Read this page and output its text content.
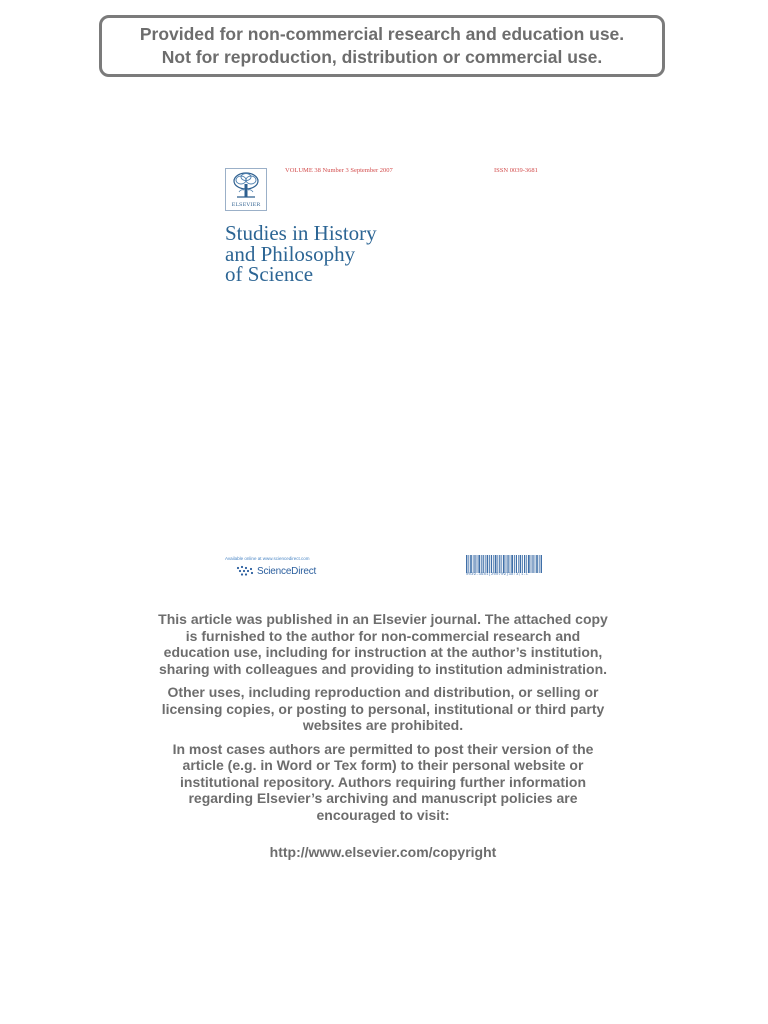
Provided for non-commercial research and education use.
Not for reproduction, distribution or commercial use.
ELSEVIER
VOLUME 38 Number 3 September 2007	ISSN 0039-3681
Studies in History
and Philosophy
of Science
Available online at www.sciencedirect.com
ScienceDirect	0039-3681(200709)38:3;1-L

This article was published in an Elsevier journal. The attached copy
is furnished to the author for non-commercial research and
education use, including for instruction at the author’s institution,
sharing with colleagues and providing to institution administration.

Other uses, including reproduction and distribution, or selling or
licensing copies, or posting to personal, institutional or third party
websites are prohibited.

In most cases authors are permitted to post their version of the
article (e.g. in Word or Tex form) to their personal website or
institutional repository. Authors requiring further information
regarding Elsevier’s archiving and manuscript policies are
encouraged to visit:

http://www.elsevier.com/copyright
